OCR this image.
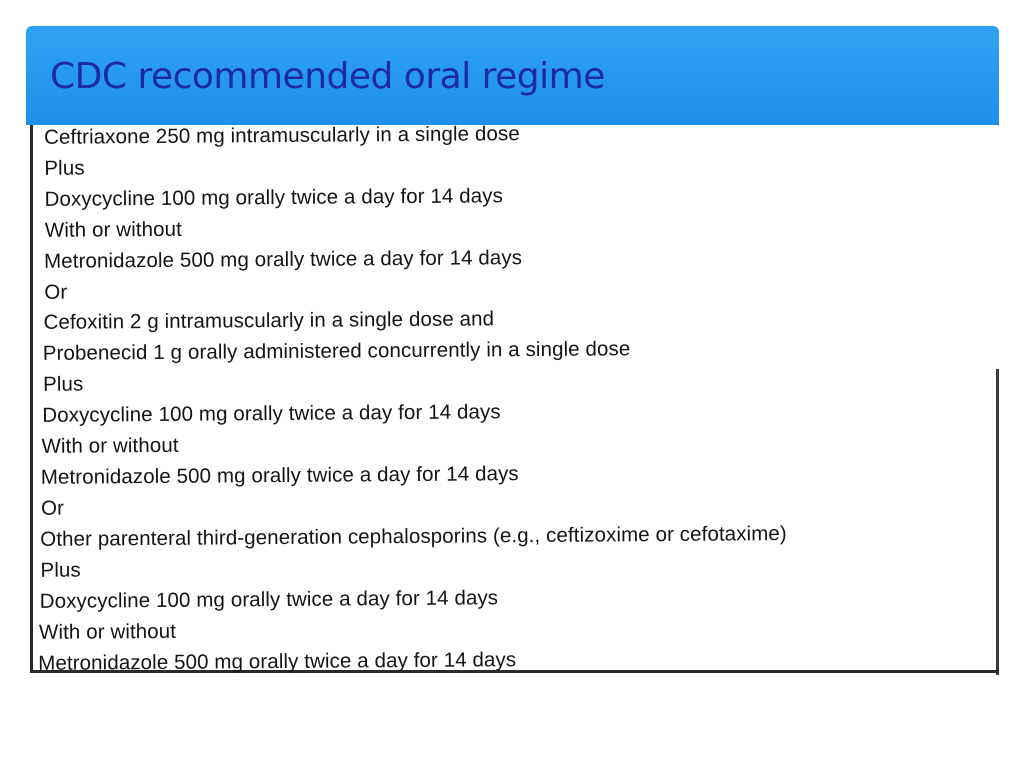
CDC recommended oral regime

Ceftriaxone 250 mg intramuscularly in a single dose

Plus

Doxycycline 100 mg orally twice a day for 14 days

With or without

Metronidazole 500 mg orally twice a day for 14 days

Or

Cefoxitin 2 g intramuscularly in a single dose and

Probenecid 1 g orally administered concurrently in a single dose

Plus

Doxycycline 100 mg orally twice a day for 14 days

With or without

Metronidazole 500 mg orally twice a day for 14 days

Or

Other parenteral third-generation cephalosporins (e.g., ceftizoxime or cefotaxime)

Plus

Doxycycline 100 mg orally twice a day for 14 days

With or without

Metronidazole 500 mg orally twice a day for 14 days
